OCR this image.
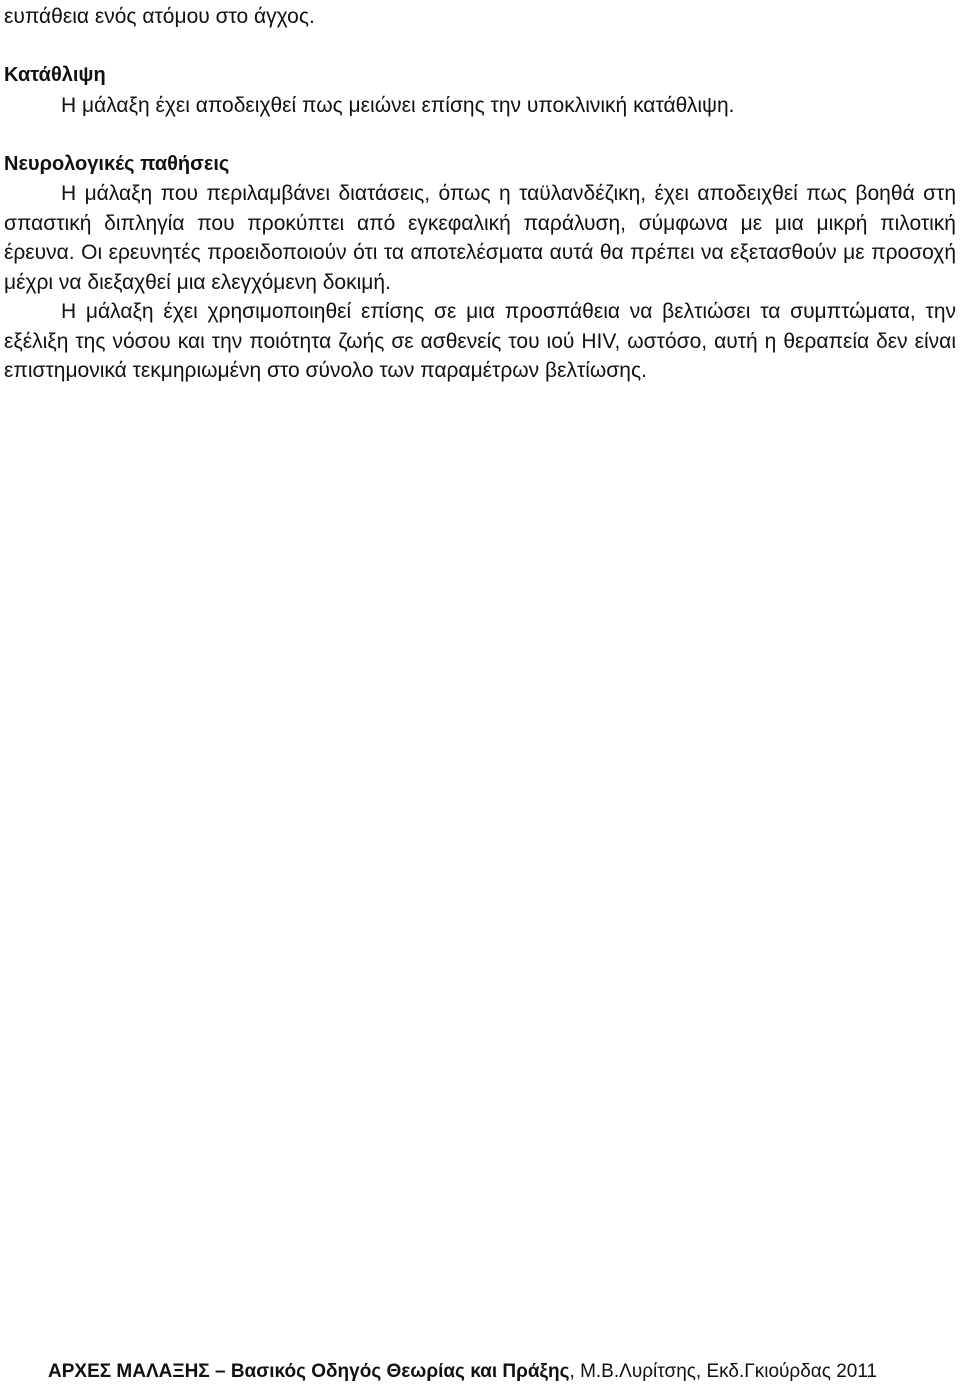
ευπάθεια ενός ατόμου στο άγχος.

Κατάθλιψη

Η μάλαξη έχει αποδειχθεί πως μειώνει επίσης την υποκλινική κατάθλιψη.

Νευρολογικές παθήσεις

Η μάλαξη που περιλαμβάνει διατάσεις, όπως η ταϋλανδέζικη, έχει αποδειχθεί πως βοηθά στη σπαστική διπληγία που προκύπτει από εγκεφαλική παράλυση, σύμφωνα με μια μικρή πιλοτική έρευνα. Οι ερευνητές προειδοποιούν ότι τα αποτελέσματα αυτά θα πρέπει να εξετασθούν με προσοχή μέχρι να διεξαχθεί μια ελεγχόμενη δοκιμή.

Η μάλαξη έχει χρησιμοποιηθεί επίσης σε μια προσπάθεια να βελτιώσει τα συμπτώματα, την εξέλιξη της νόσου και την ποιότητα ζωής σε ασθενείς του ιού HIV, ωστόσο, αυτή η θεραπεία δεν είναι επιστημονικά τεκμηριωμένη στο σύνολο των παραμέτρων βελτίωσης.

ΑΡΧΕΣ ΜΑΛΑΞΗΣ – Βασικός Οδηγός Θεωρίας και Πράξης, Μ.Β.Λυρίτσης, Εκδ.Γκιούρδας 2011
